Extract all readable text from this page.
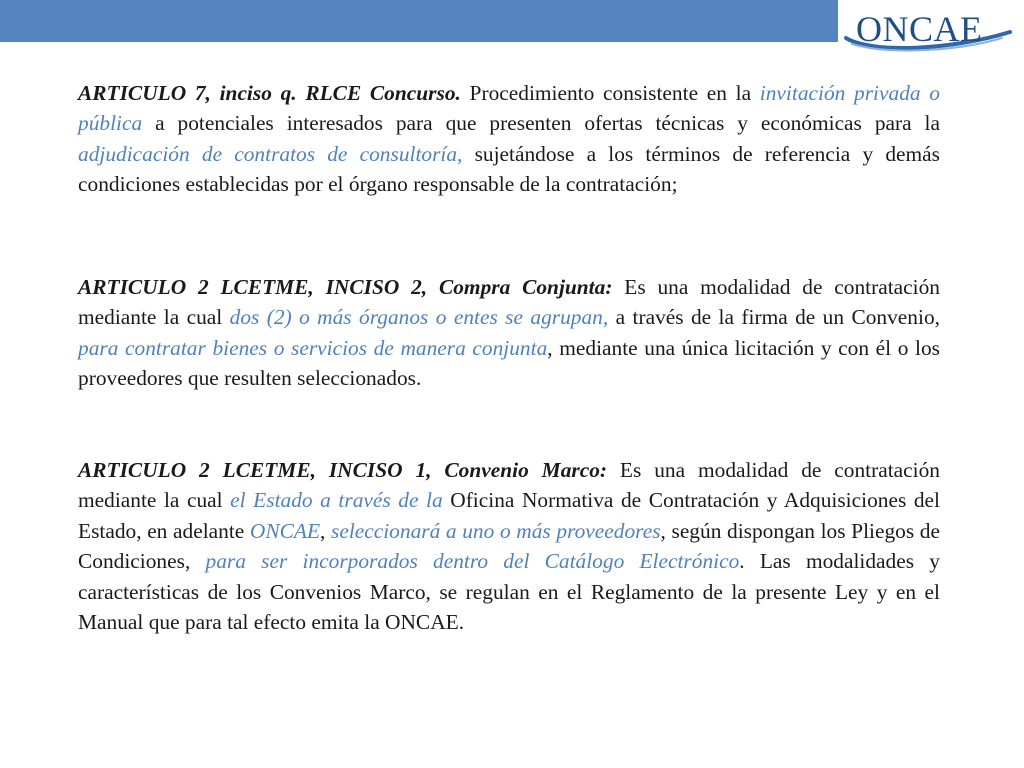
ONCAE

ARTICULO 7, inciso q. RLCE Concurso. Procedimiento consistente en la invitación privada o pública a potenciales interesados para que presenten ofertas técnicas y económicas para la adjudicación de contratos de consultoría, sujetándose a los términos de referencia y demás condiciones establecidas por el órgano responsable de la contratación;

ARTICULO 2 LCETME, INCISO 2, Compra Conjunta: Es una modalidad de contratación mediante la cual dos (2) o más órganos o entes se agrupan, a través de la firma de un Convenio, para contratar bienes o servicios de manera conjunta, mediante una única licitación y con él o los proveedores que resulten seleccionados.

ARTICULO 2 LCETME, INCISO 1, Convenio Marco: Es una modalidad de contratación mediante la cual el Estado a través de la Oficina Normativa de Contratación y Adquisiciones del Estado, en adelante ONCAE, seleccionará a uno o más proveedores, según dispongan los Pliegos de Condiciones, para ser incorporados dentro del Catálogo Electrónico. Las modalidades y características de los Convenios Marco, se regulan en el Reglamento de la presente Ley y en el Manual que para tal efecto emita la ONCAE.
